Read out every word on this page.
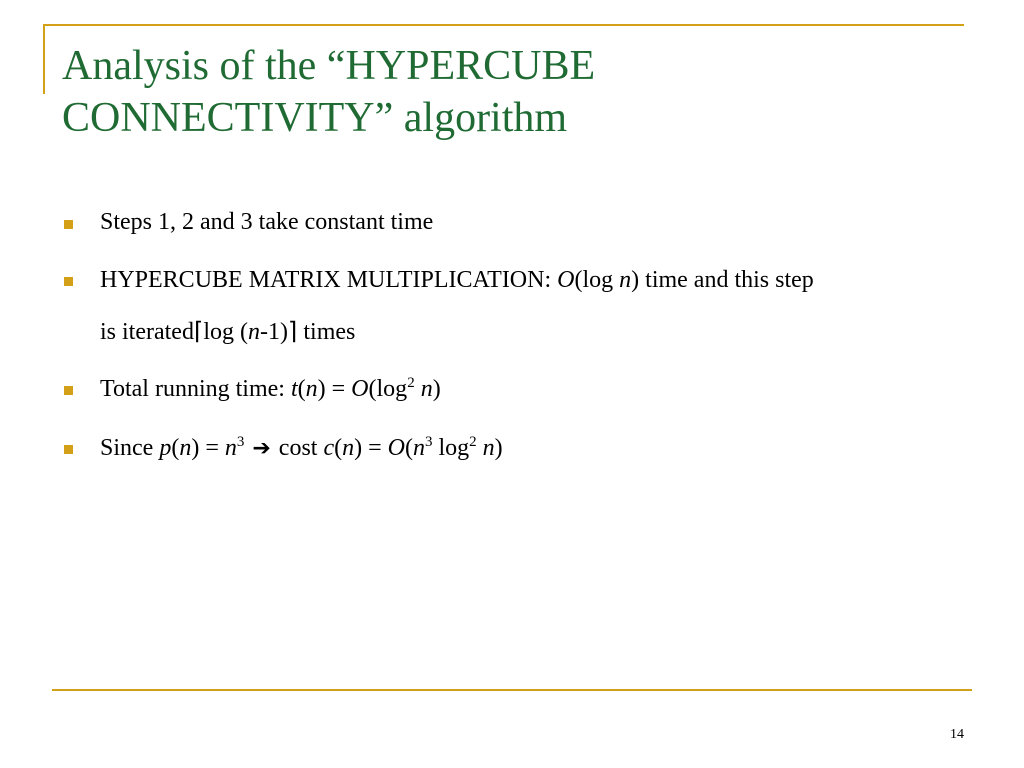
Analysis of the “HYPERCUBE
CONNECTIVITY” algorithm
Steps 1, 2 and 3 take constant time
HYPERCUBE MATRIX MULTIPLICATION: O(log n) time and this step
is iterated⌈log (n-1)⌉ times
Total running time: $t(n) = O(\log^2$ n)
Since $p(n) = n^3$ ➔ cost $c(n) = O(n^3$ $\log^2 n$)
14
